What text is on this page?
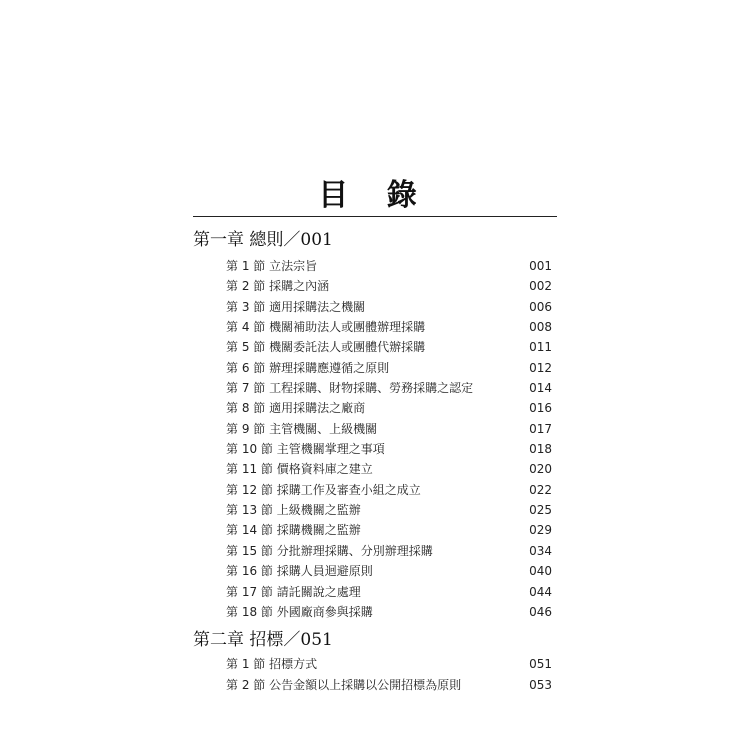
目 錄
第一章 總則／001
第 1 節 立法宗旨	001
第 2 節 採購之內涵	002
第 3 節 適用採購法之機關	006
第 4 節 機關補助法人或團體辦理採購	008
第 5 節 機關委託法人或團體代辦採購	011
第 6 節 辦理採購應遵循之原則	012
第 7 節 工程採購、財物採購、勞務採購之認定	014
第 8 節 適用採購法之廠商	016
第 9 節 主管機關、上級機關	017
第 10 節 主管機關掌理之事項	018
第 11 節 價格資料庫之建立	020
第 12 節 採購工作及審查小組之成立	022
第 13 節 上級機關之監辦	025
第 14 節 採購機關之監辦	029
第 15 節 分批辦理採購、分別辦理採購	034
第 16 節 採購人員迴避原則	040
第 17 節 請託關說之處理	044
第 18 節 外國廠商參與採購	046
第二章 招標／051
第 1 節 招標方式	051
第 2 節 公告金額以上採購以公開招標為原則	053
